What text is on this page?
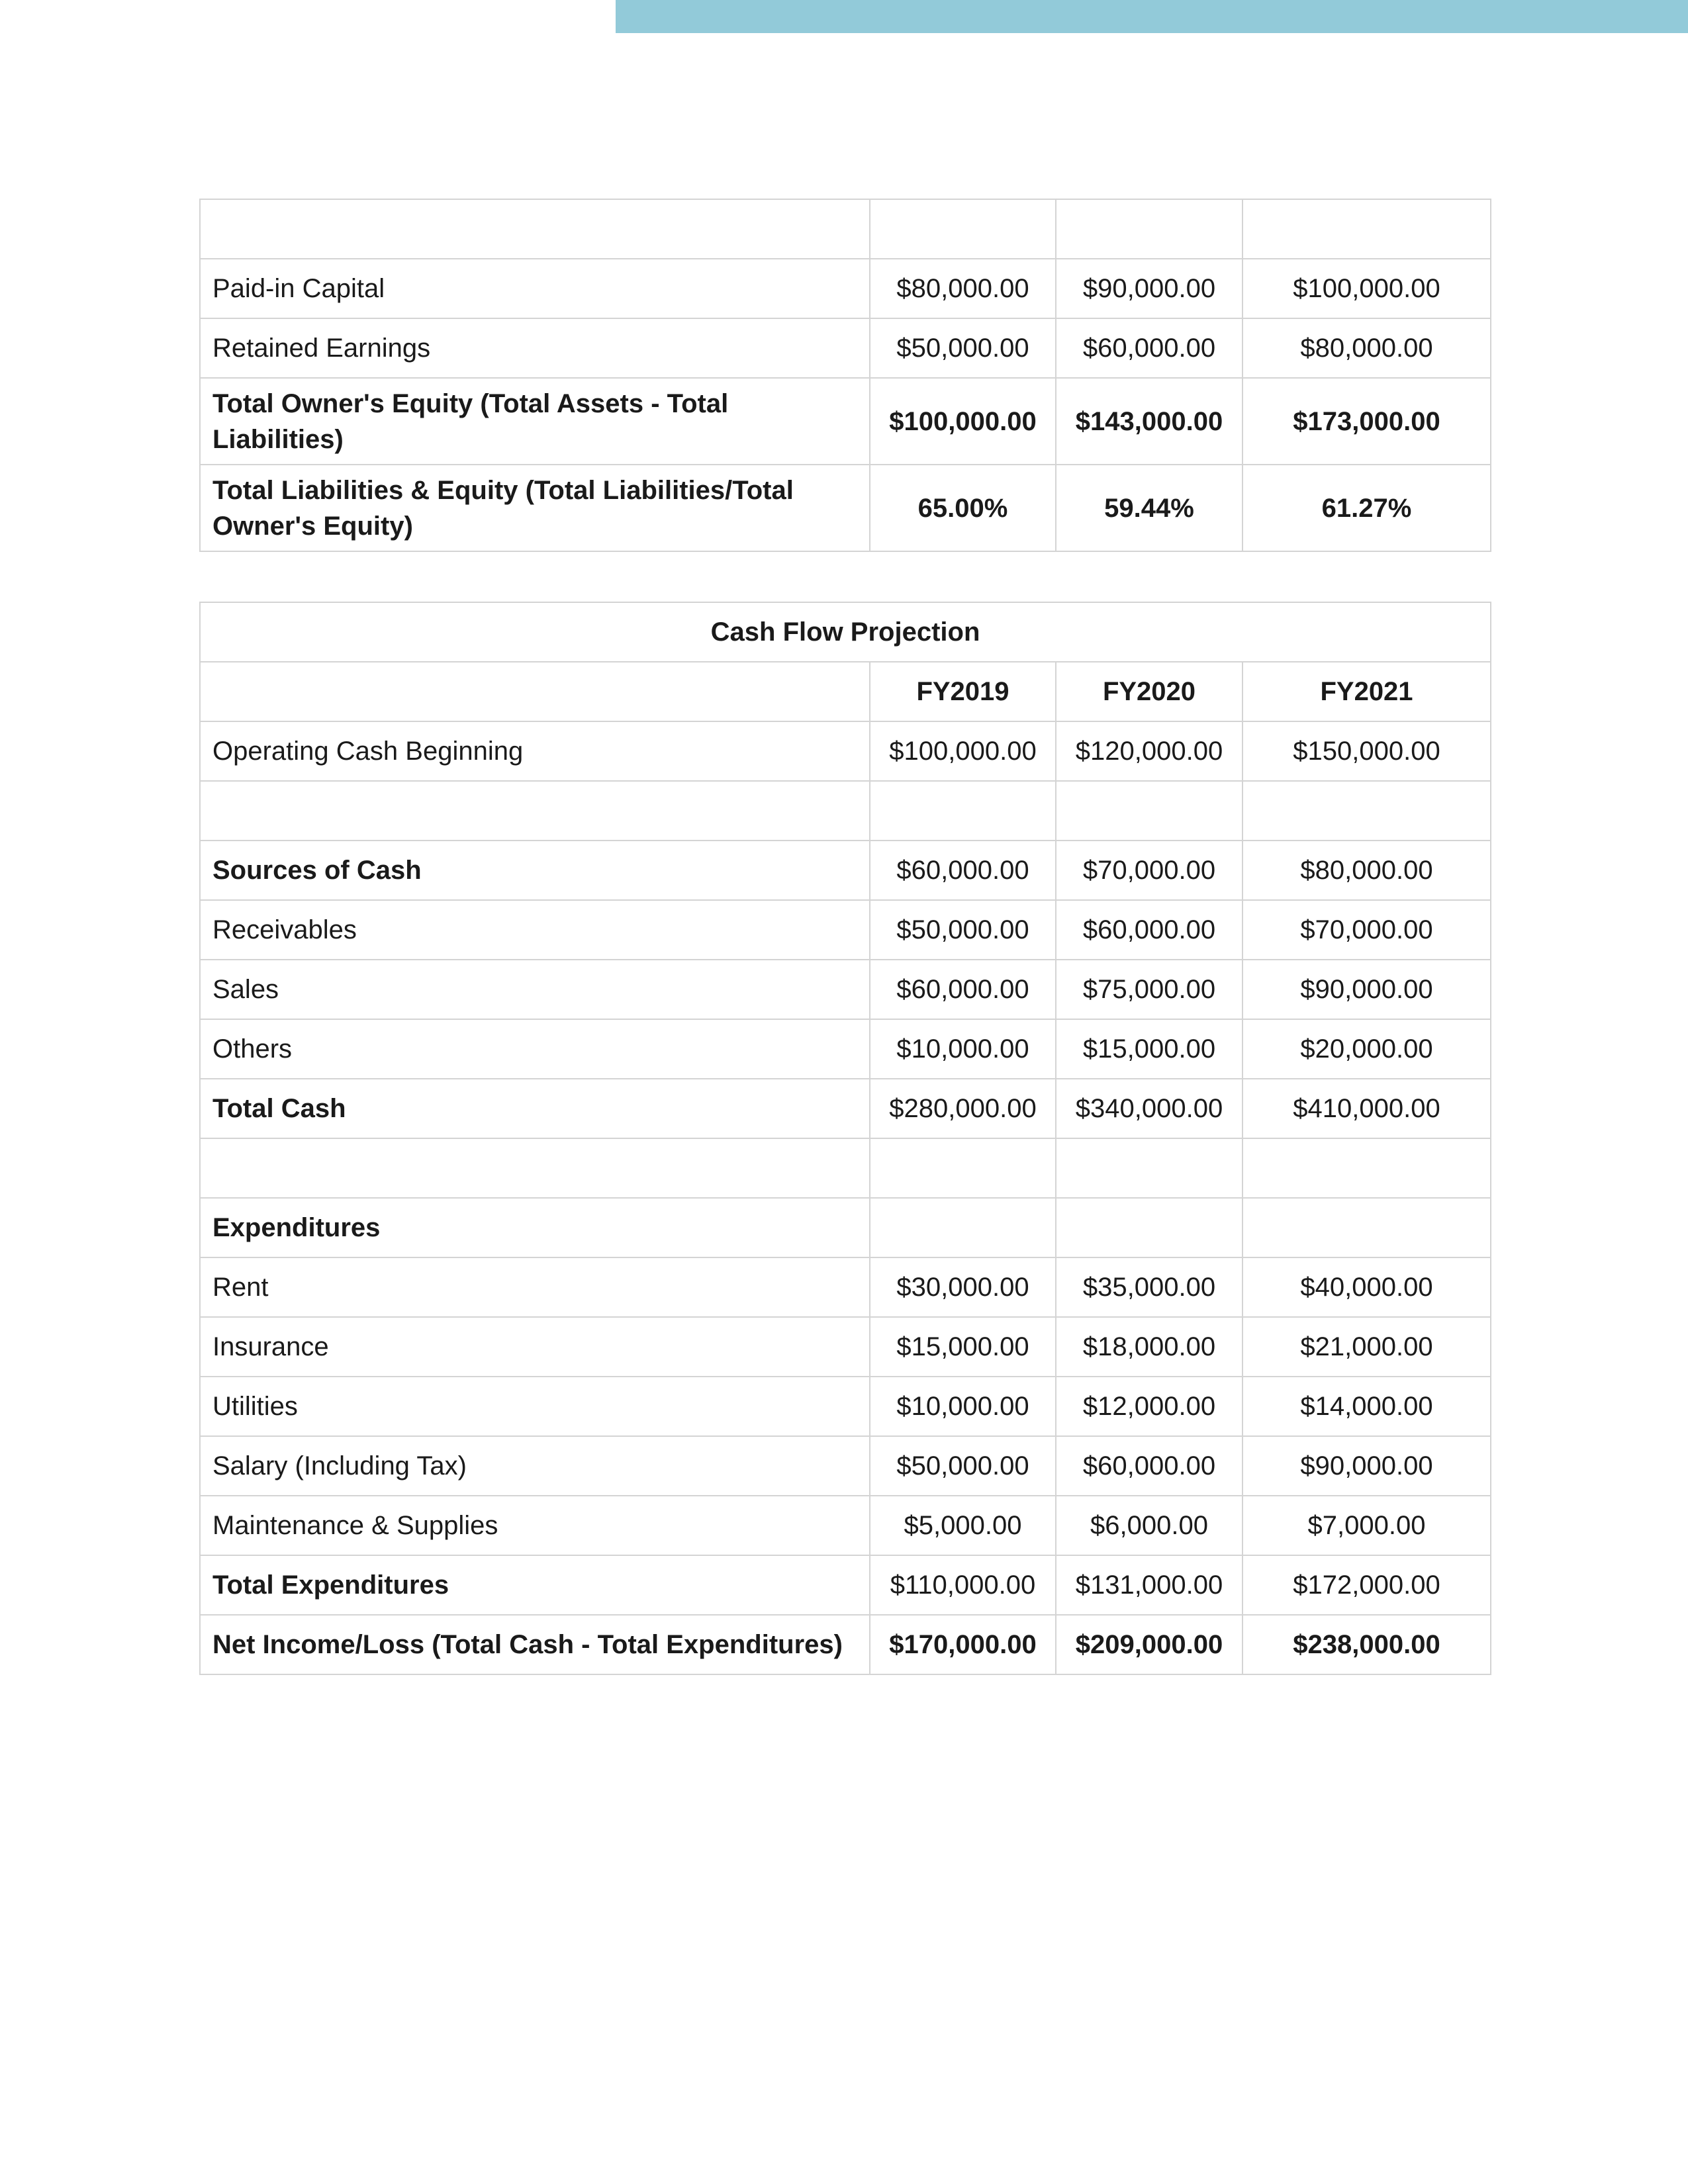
Paid-in Capital	$80,000.00	$90,000.00	$100,000.00
Retained Earnings	$50,000.00	$60,000.00	$80,000.00
Total Owner's Equity (Total Assets - Total Liabilities)	$100,000.00	$143,000.00	$173,000.00
Total Liabilities & Equity (Total Liabilities/Total Owner's Equity)	65.00%	59.44%	61.27%
Cash Flow Projection			
	FY2019	FY2020	FY2021
Operating Cash Beginning	$100,000.00	$120,000.00	$150,000.00

Sources of Cash	$60,000.00	$70,000.00	$80,000.00
Receivables	$50,000.00	$60,000.00	$70,000.00
Sales	$60,000.00	$75,000.00	$90,000.00
Others	$10,000.00	$15,000.00	$20,000.00
Total Cash	$280,000.00	$340,000.00	$410,000.00

Expenditures			
Rent	$30,000.00	$35,000.00	$40,000.00
Insurance	$15,000.00	$18,000.00	$21,000.00
Utilities	$10,000.00	$12,000.00	$14,000.00
Salary (Including Tax)	$50,000.00	$60,000.00	$90,000.00
Maintenance & Supplies	$5,000.00	$6,000.00	$7,000.00
Total Expenditures	$110,000.00	$131,000.00	$172,000.00
Net Income/Loss (Total Cash - Total Expenditures)	$170,000.00	$209,000.00	$238,000.00
